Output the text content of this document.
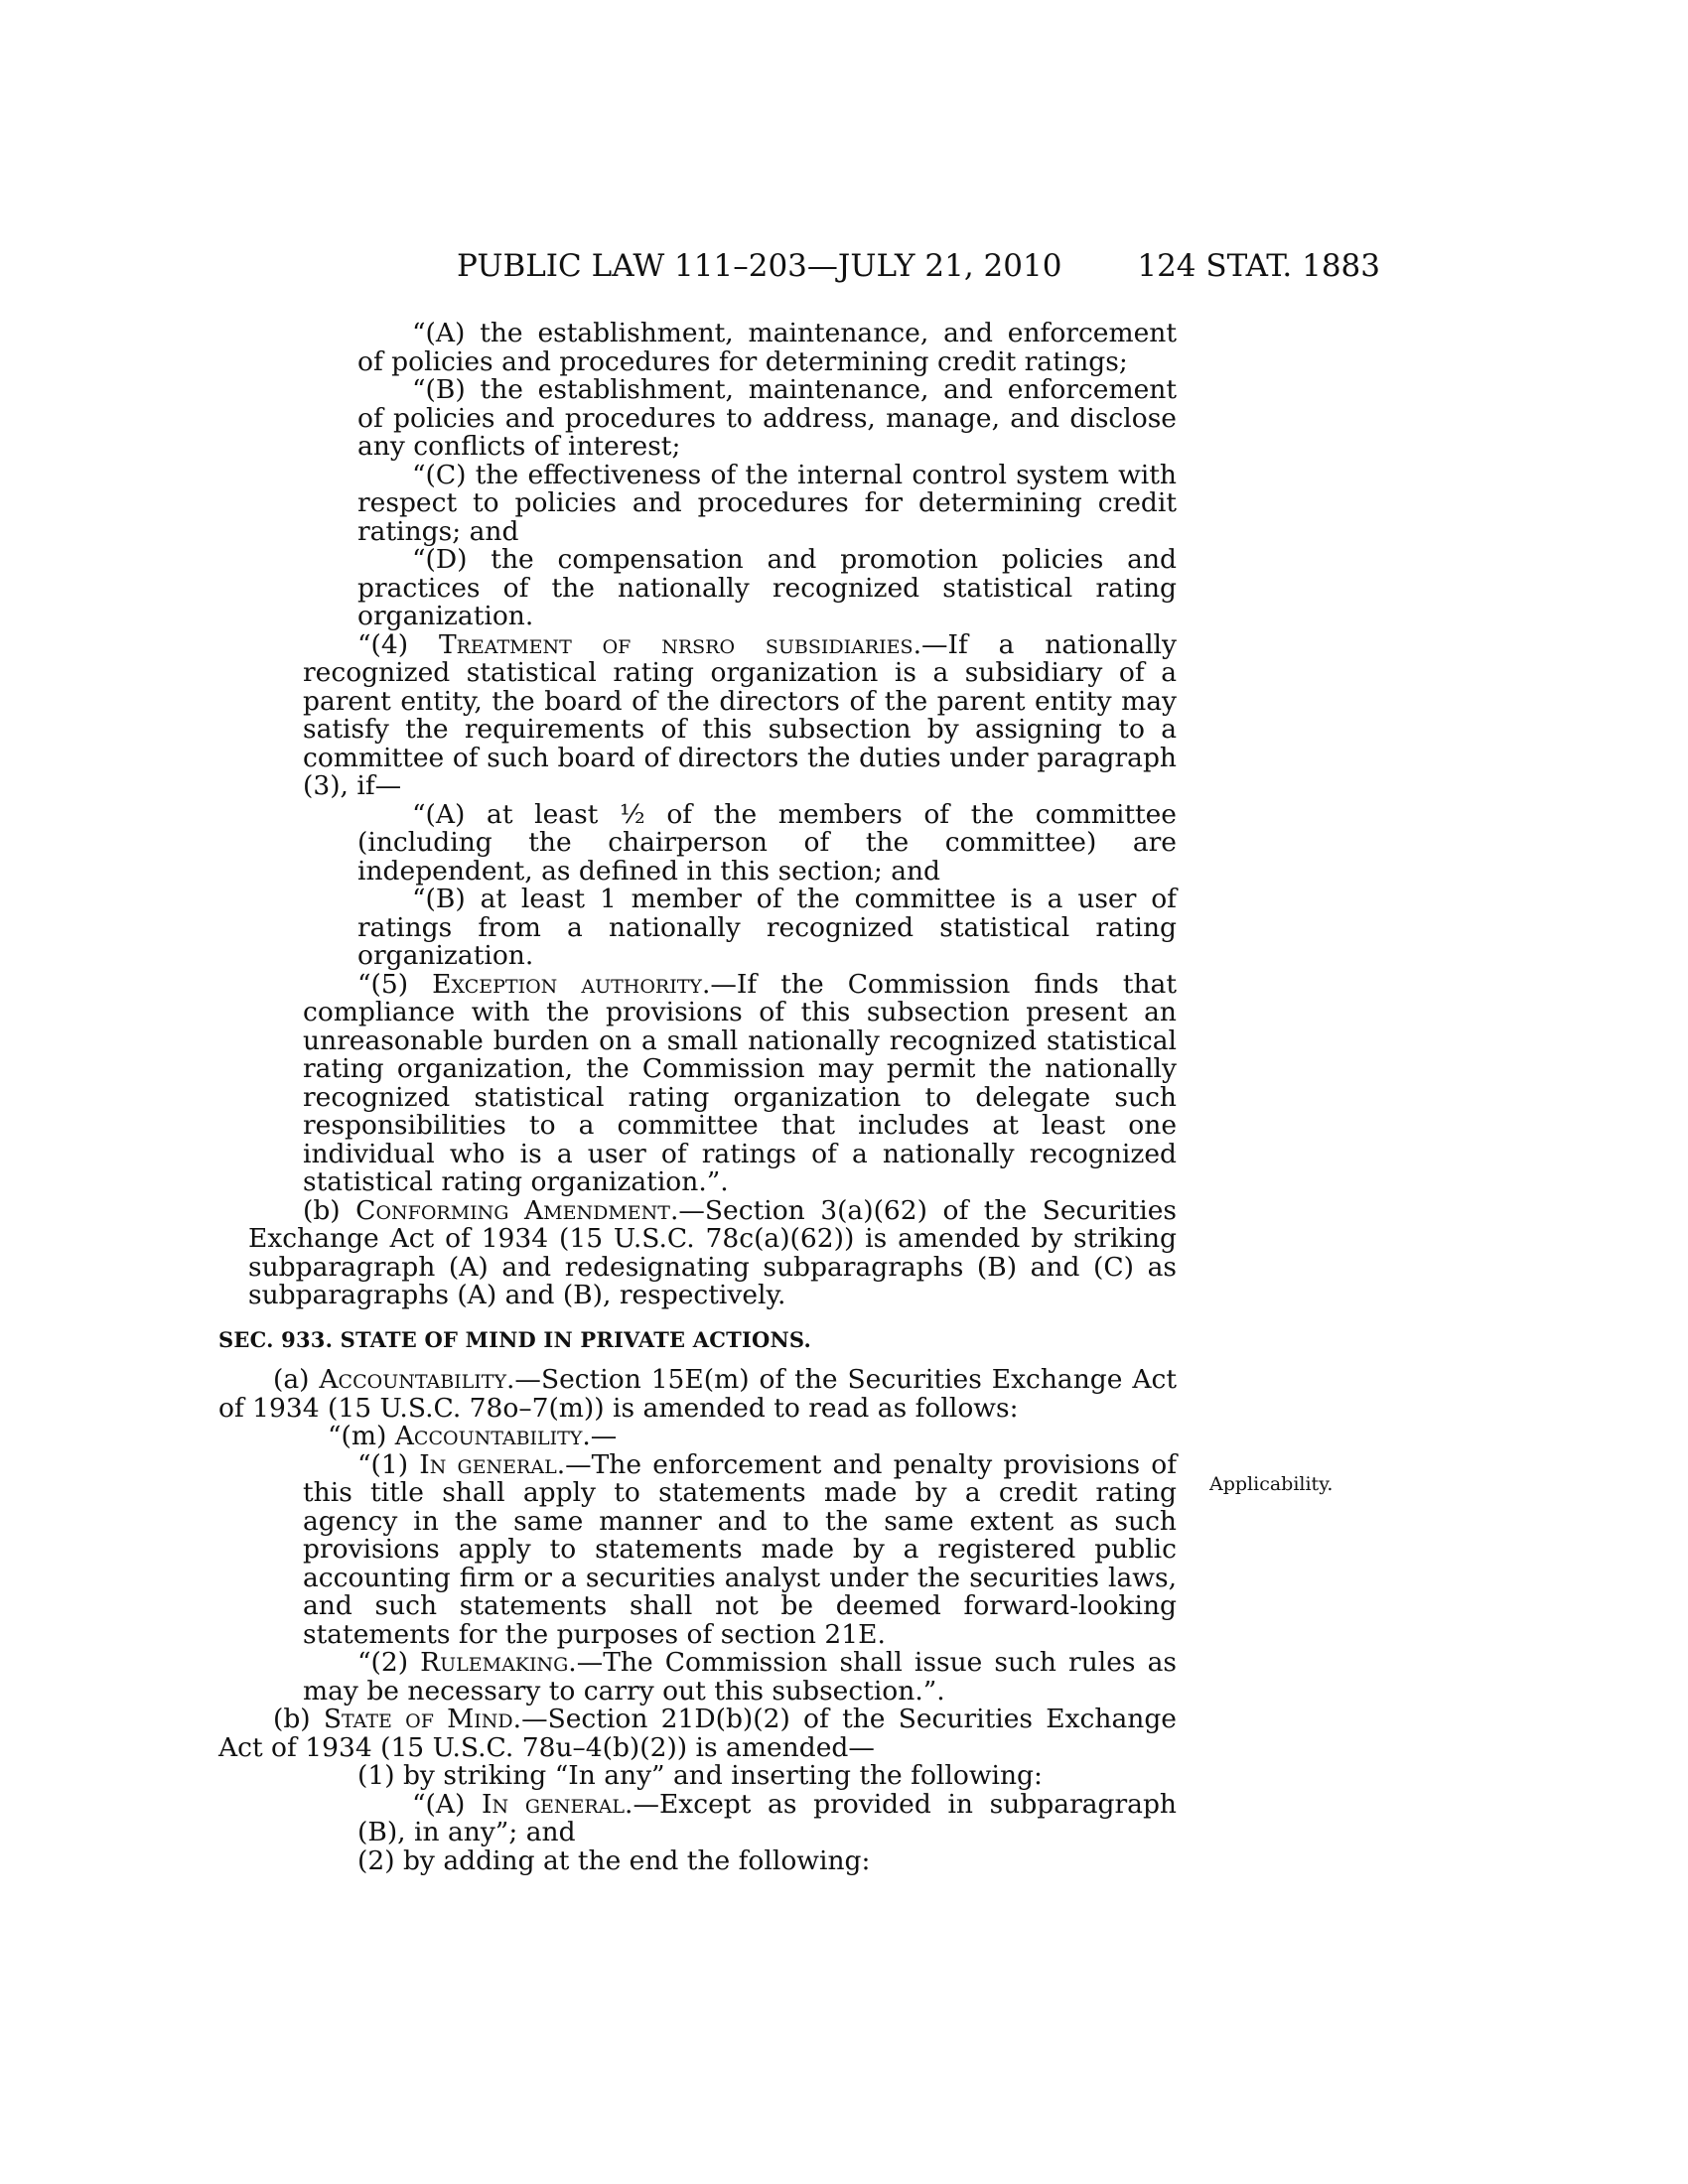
PUBLIC LAW 111–203—JULY 21, 2010 124 STAT. 1883

“(A) the establishment, maintenance, and enforcement of policies and procedures for determining credit ratings;

“(B) the establishment, maintenance, and enforcement of policies and procedures to address, manage, and disclose any conflicts of interest;

“(C) the effectiveness of the internal control system with respect to policies and procedures for determining credit ratings; and

“(D) the compensation and promotion policies and practices of the nationally recognized statistical rating organization.

“(4) Treatment of nrsro subsidiaries.—If a nationally recognized statistical rating organization is a subsidiary of a parent entity, the board of the directors of the parent entity may satisfy the requirements of this subsection by assigning to a committee of such board of directors the duties under paragraph (3), if—

“(A) at least ½ of the members of the committee (including the chairperson of the committee) are independent, as defined in this section; and

“(B) at least 1 member of the committee is a user of ratings from a nationally recognized statistical rating organization.

“(5) Exception authority.—If the Commission finds that compliance with the provisions of this subsection present an unreasonable burden on a small nationally recognized statistical rating organization, the Commission may permit the nationally recognized statistical rating organization to delegate such responsibilities to a committee that includes at least one individual who is a user of ratings of a nationally recognized statistical rating organization.”.

(b) Conforming Amendment.—Section 3(a)(62) of the Securities Exchange Act of 1934 (15 U.S.C. 78c(a)(62)) is amended by striking subparagraph (A) and redesignating subparagraphs (B) and (C) as subparagraphs (A) and (B), respectively.

SEC. 933. STATE OF MIND IN PRIVATE ACTIONS.

(a) Accountability.—Section 15E(m) of the Securities Exchange Act of 1934 (15 U.S.C. 78o–7(m)) is amended to read as follows:

“(m) Accountability.—

“(1) In general.—The enforcement and penalty provisions of this title shall apply to statements made by a credit rating agency in the same manner and to the same extent as such provisions apply to statements made by a registered public accounting firm or a securities analyst under the securities laws, and such statements shall not be deemed forward-looking statements for the purposes of section 21E.

“(2) Rulemaking.—The Commission shall issue such rules as may be necessary to carry out this subsection.”.

(b) State of Mind.—Section 21D(b)(2) of the Securities Exchange Act of 1934 (15 U.S.C. 78u–4(b)(2)) is amended—

(1) by striking “In any” and inserting the following:

“(A) In general.—Except as provided in subparagraph (B), in any”; and

(2) by adding at the end the following:

Applicability.
